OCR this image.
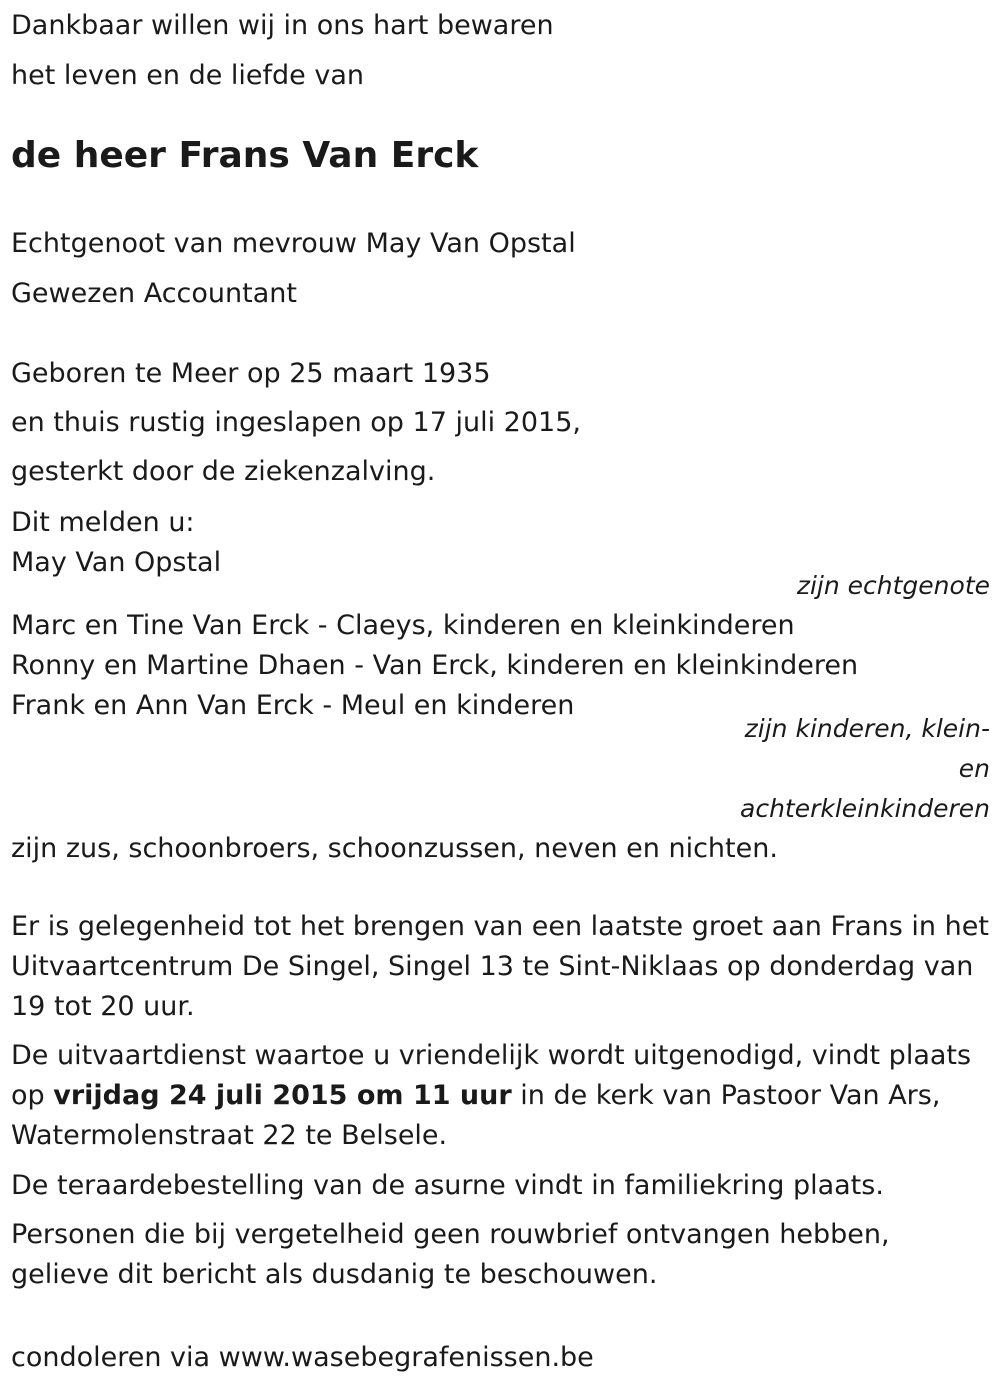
Dankbaar willen wij in ons hart bewaren
het leven en de liefde van
de heer Frans Van Erck
Echtgenoot van mevrouw May Van Opstal
Gewezen Accountant
Geboren te Meer op 25 maart 1935
en thuis rustig ingeslapen op 17 juli 2015,
gesterkt door de ziekenzalving.
Dit melden u:
May Van Opstal
zijn echtgenote
Marc en Tine Van Erck - Claeys, kinderen en kleinkinderen
Ronny en Martine Dhaen - Van Erck, kinderen en kleinkinderen
Frank en Ann Van Erck - Meul en kinderen
zijn kinderen, klein-
en
achterkleinkinderen
zijn zus, schoonbroers, schoonzussen, neven en nichten.
Er is gelegenheid tot het brengen van een laatste groet aan Frans in het Uitvaartcentrum De Singel, Singel 13 te Sint-Niklaas op donderdag van 19 tot 20 uur.
De uitvaartdienst waartoe u vriendelijk wordt uitgenodigd, vindt plaats op vrijdag 24 juli 2015 om 11 uur in de kerk van Pastoor Van Ars, Watermolenstraat 22 te Belsele.
De teraardebestelling van de asurne vindt in familiekring plaats.
Personen die bij vergetelheid geen rouwbrief ontvangen hebben, gelieve dit bericht als dusdanig te beschouwen.
condoleren via www.wasebegrafenissen.be
